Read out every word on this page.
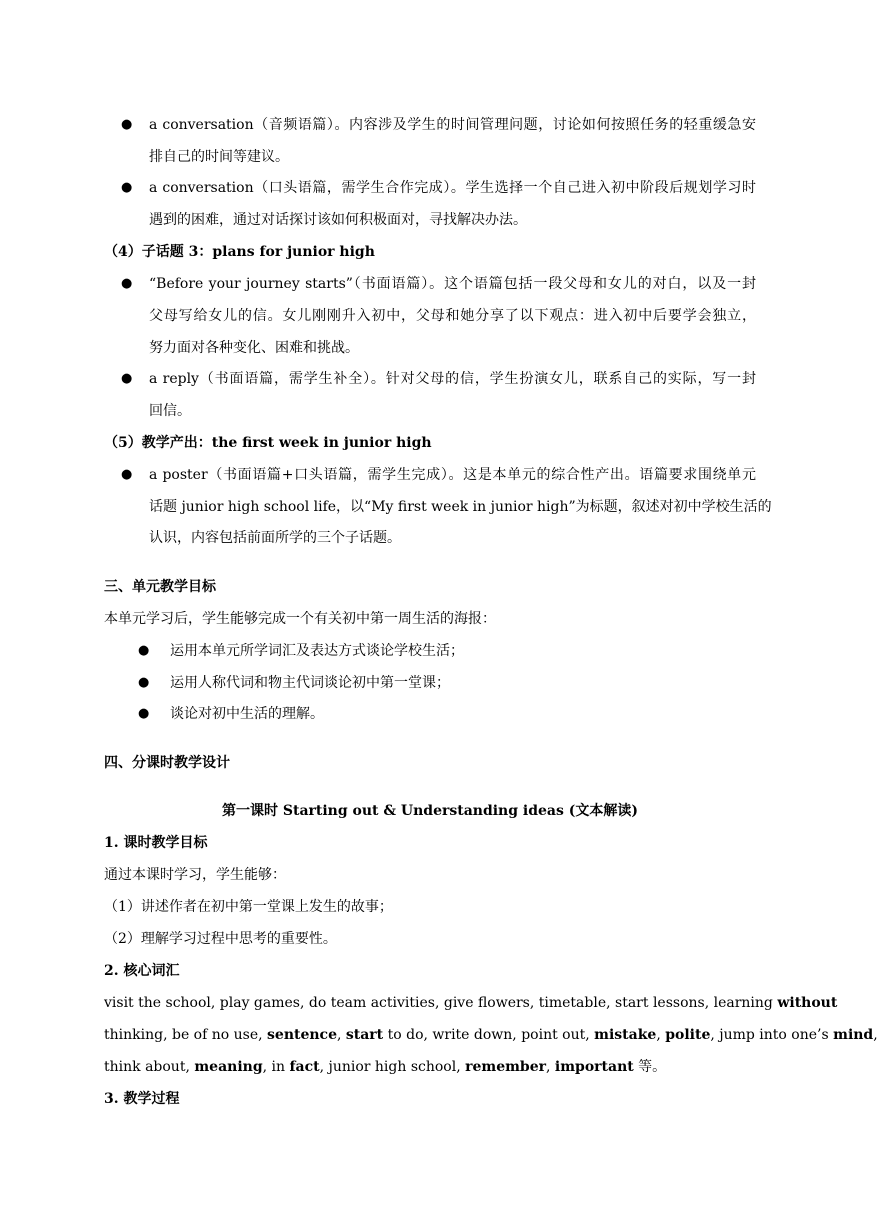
● a conversation（音频语篇）。内容涉及学生的时间管理问题，讨论如何按照任务的轻重缓急安
排自己的时间等建议。
● a conversation（口头语篇，需学生合作完成）。学生选择一个自己进入初中阶段后规划学习时
遇到的困难，通过对话探讨该如何积极面对，寻找解决办法。
（4）子话题 3：plans for junior high
● “Before your journey starts”（书面语篇）。这个语篇包括一段父母和女儿的对白，以及一封
父母写给女儿的信。女儿刚刚升入初中，父母和她分享了以下观点：进入初中后要学会独立，
努力面对各种变化、困难和挑战。
● a reply（书面语篇，需学生补全）。针对父母的信，学生扮演女儿，联系自己的实际，写一封
回信。
（5）教学产出：the first week in junior high
● a poster（书面语篇+口头语篇，需学生完成）。这是本单元的综合性产出。语篇要求围绕单元
话题 junior high school life，以“My first week in junior high”为标题，叙述对初中学校生活的
认识，内容包括前面所学的三个子话题。
三、单元教学目标
本单元学习后，学生能够完成一个有关初中第一周生活的海报：
● 运用本单元所学词汇及表达方式谈论学校生活；
● 运用人称代词和物主代词谈论初中第一堂课；
● 谈论对初中生活的理解。
四、分课时教学设计
第一课时 Starting out & Understanding ideas (文本解读)
1. 课时教学目标
通过本课时学习，学生能够：
（1）讲述作者在初中第一堂课上发生的故事；
（2）理解学习过程中思考的重要性。
2. 核心词汇
visit the school, play games, do team activities, give flowers, timetable, start lessons, learning without
thinking, be of no use, sentence, start to do, write down, point out, mistake, polite, jump into one’s mind,
think about, meaning, in fact, junior high school, remember, important 等。
3. 教学过程
